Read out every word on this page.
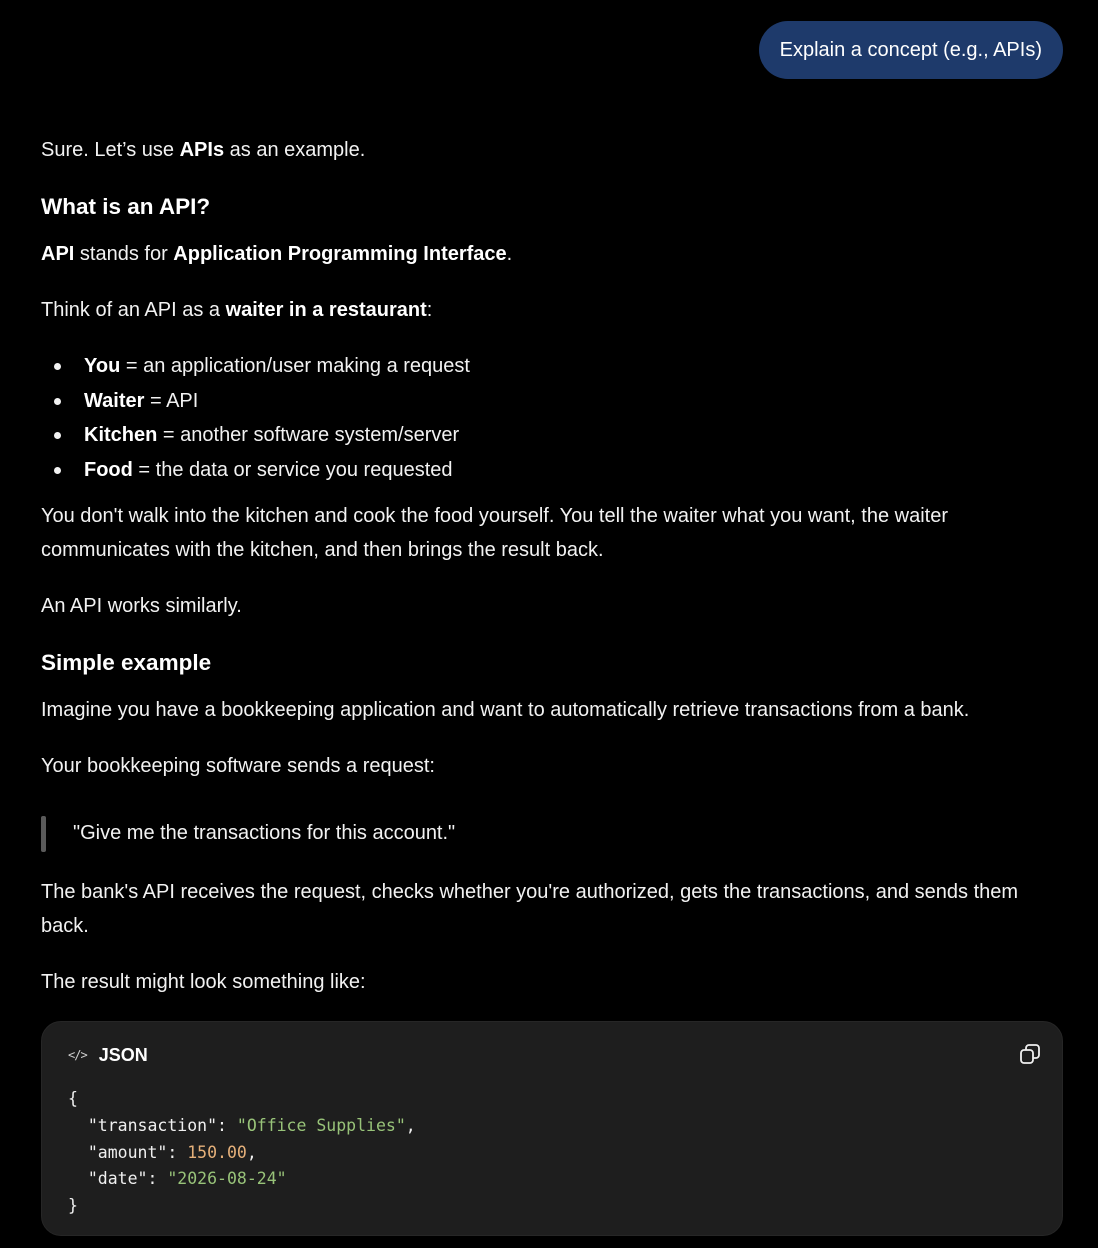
Explain a concept (e.g., APIs)

Sure. Let’s use APIs as an example.

What is an API?

API stands for Application Programming Interface.

Think of an API as a waiter in a restaurant:

You = an application/user making a request
Waiter = API
Kitchen = another software system/server
Food = the data or service you requested

You don't walk into the kitchen and cook the food yourself. You tell the waiter what you want, the waiter communicates with the kitchen, and then brings the result back.

An API works similarly.

Simple example

Imagine you have a bookkeeping application and want to automatically retrieve transactions from a bank.

Your bookkeeping software sends a request:

"Give me the transactions for this account."

The bank's API receives the request, checks whether you're authorized, gets the transactions, and sends them back.

The result might look something like:

</> JSON
{
"transaction": "Office Supplies",
"amount": 150.00,
"date": "2026-08-24"
}
